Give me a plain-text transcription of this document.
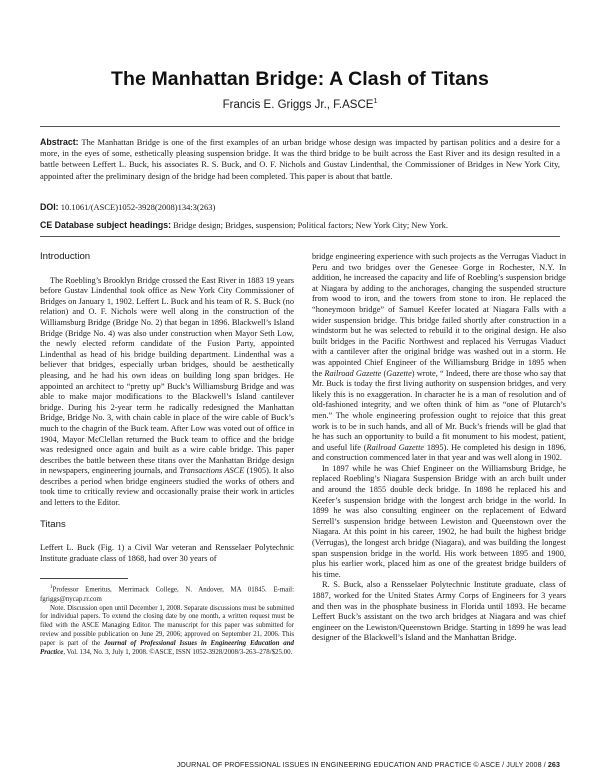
The Manhattan Bridge: A Clash of Titans
Francis E. Griggs Jr., F.ASCE$^1$
Abstract: The Manhattan Bridge is one of the first examples of an urban bridge whose design was impacted by partisan politics and a desire for a more, in the eyes of some, esthetically pleasing suspension bridge. It was the third bridge to be built across the East River and its design resulted in a battle between Leffert L. Buck, his associates R. S. Buck, and O. F. Nichols and Gustav Lindenthal, the Commissioner of Bridges in New York City, appointed after the preliminary design of the bridge had been completed. This paper is about that battle.
DOI: 10.1061/(ASCE)1052-3928(2008)134:3(263)
CE Database subject headings: Bridge design; Bridges, suspension; Political factors; New York City; New York.
Introduction

The Roebling’s Brooklyn Bridge crossed the East River in 1883 19 years before Gustav Lindenthal took office as New York City Commissioner of Bridges on January 1, 1902. Leffert L. Buck and his team of R. S. Buck (no relation) and O. F. Nichols were well along in the construction of the Williamsburg Bridge (Bridge No. 2) that began in 1896. Blackwell’s Island Bridge (Bridge No. 4) was also under construction when Mayor Seth Low, the newly elected reform candidate of the Fusion Party, appointed Lindenthal as head of his bridge building department. Lindenthal was a believer that bridges, especially urban bridges, should be aesthetically pleasing, and he had his own ideas on building long span bridges. He appointed an architect to “pretty up” Buck’s Williamsburg Bridge and was able to make major modifications to the Blackwell’s Island cantilever bridge. During his 2-year term he radically redesigned the Manhattan Bridge, Bridge No. 3, with chain cable in place of the wire cable of Buck’s much to the chagrin of the Buck team. After Low was voted out of office in 1904, Mayor McClellan returned the Buck team to office and the bridge was redesigned once again and built as a wire cable bridge. This paper describes the battle between these titans over the Manhattan Bridge design in newspapers, engineering journals, and Transactions ASCE (1905). It also describes a period when bridge engineers studied the works of others and took time to critically review and occasionally praise their work in articles and letters to the Editor.

Titans

Leffert L. Buck (Fig. 1) a Civil War veteran and Rensselaer Polytechnic Institute graduate class of 1868, had over 30 years of

$^1$Professor Emeritus, Merrimack College, N. Andover, MA 01845. E-mail: fgriggs@nycap.rr.com

Note. Discussion open until December 1, 2008. Separate discussions must be submitted for individual papers. To extend the closing date by one month, a written request must be filed with the ASCE Managing Editor. The manuscript for this paper was submitted for review and possible publication on June 29, 2006; approved on September 21, 2006. This paper is part of the Journal of Professional Issues in Engineering Education and Practice, Vol. 134, No. 3, July 1, 2008. ©ASCE, ISSN 1052-3928/2008/3-263–278/$25.00.

bridge engineering experience with such projects as the Verrugas Viaduct in Peru and two bridges over the Genesee Gorge in Rochester, N.Y. In addition, he increased the capacity and life of Roebling’s suspension bridge at Niagara by adding to the anchorages, changing the suspended structure from wood to iron, and the towers from stone to iron. He replaced the “honeymoon bridge” of Samuel Keefer located at Niagara Falls with a wider suspension bridge. This bridge failed shortly after construction in a windstorm but he was selected to rebuild it to the original design. He also built bridges in the Pacific Northwest and replaced his Verrugas Viaduct with a cantilever after the original bridge was washed out in a storm. He was appointed Chief Engineer of the Williamsburg Bridge in 1895 when the Railroad Gazette (Gazette) wrote, “ Indeed, there are those who say that Mr. Buck is today the first living authority on suspension bridges, and very likely this is no exaggeration. In character he is a man of resolution and of old-fashioned integrity, and we often think of him as “one of Plutarch’s men.” The whole engineering profession ought to rejoice that this great work is to be in such hands, and all of Mr. Buck’s friends will be glad that he has such an opportunity to build a fit monument to his modest, patient, and useful life (Railroad Gazette 1895). He completed his design in 1896, and construction commenced later in that year and was well along in 1902.

In 1897 while he was Chief Engineer on the Williamsburg Bridge, he replaced Roebling’s Niagara Suspension Bridge with an arch built under and around the 1855 double deck bridge. In 1898 he replaced his and Keefer’s suspension bridge with the longest arch bridge in the world. In 1899 he was also consulting engineer on the replacement of Edward Serrell’s suspension bridge between Lewiston and Queenstown over the Niagara. At this point in his career, 1902, he had built the highest bridge (Verrugas), the longest arch bridge (Niagara), and was building the longest span suspension bridge in the world. His work between 1895 and 1900, plus his earlier work, placed him as one of the greatest bridge builders of his time.

R. S. Buck, also a Rensselaer Polytechnic Institute graduate, class of 1887, worked for the United States Army Corps of Engineers for 3 years and then was in the phosphate business in Florida until 1893. He became Leffert Buck’s assistant on the two arch bridges at Niagara and was chief engineer on the Lewiston/Queenstown Bridge. Starting in 1899 he was lead designer of the Blackwell’s Island and the Manhattan Bridge.

JOURNAL OF PROFESSIONAL ISSUES IN ENGINEERING EDUCATION AND PRACTICE © ASCE / JULY 2008 / 263
